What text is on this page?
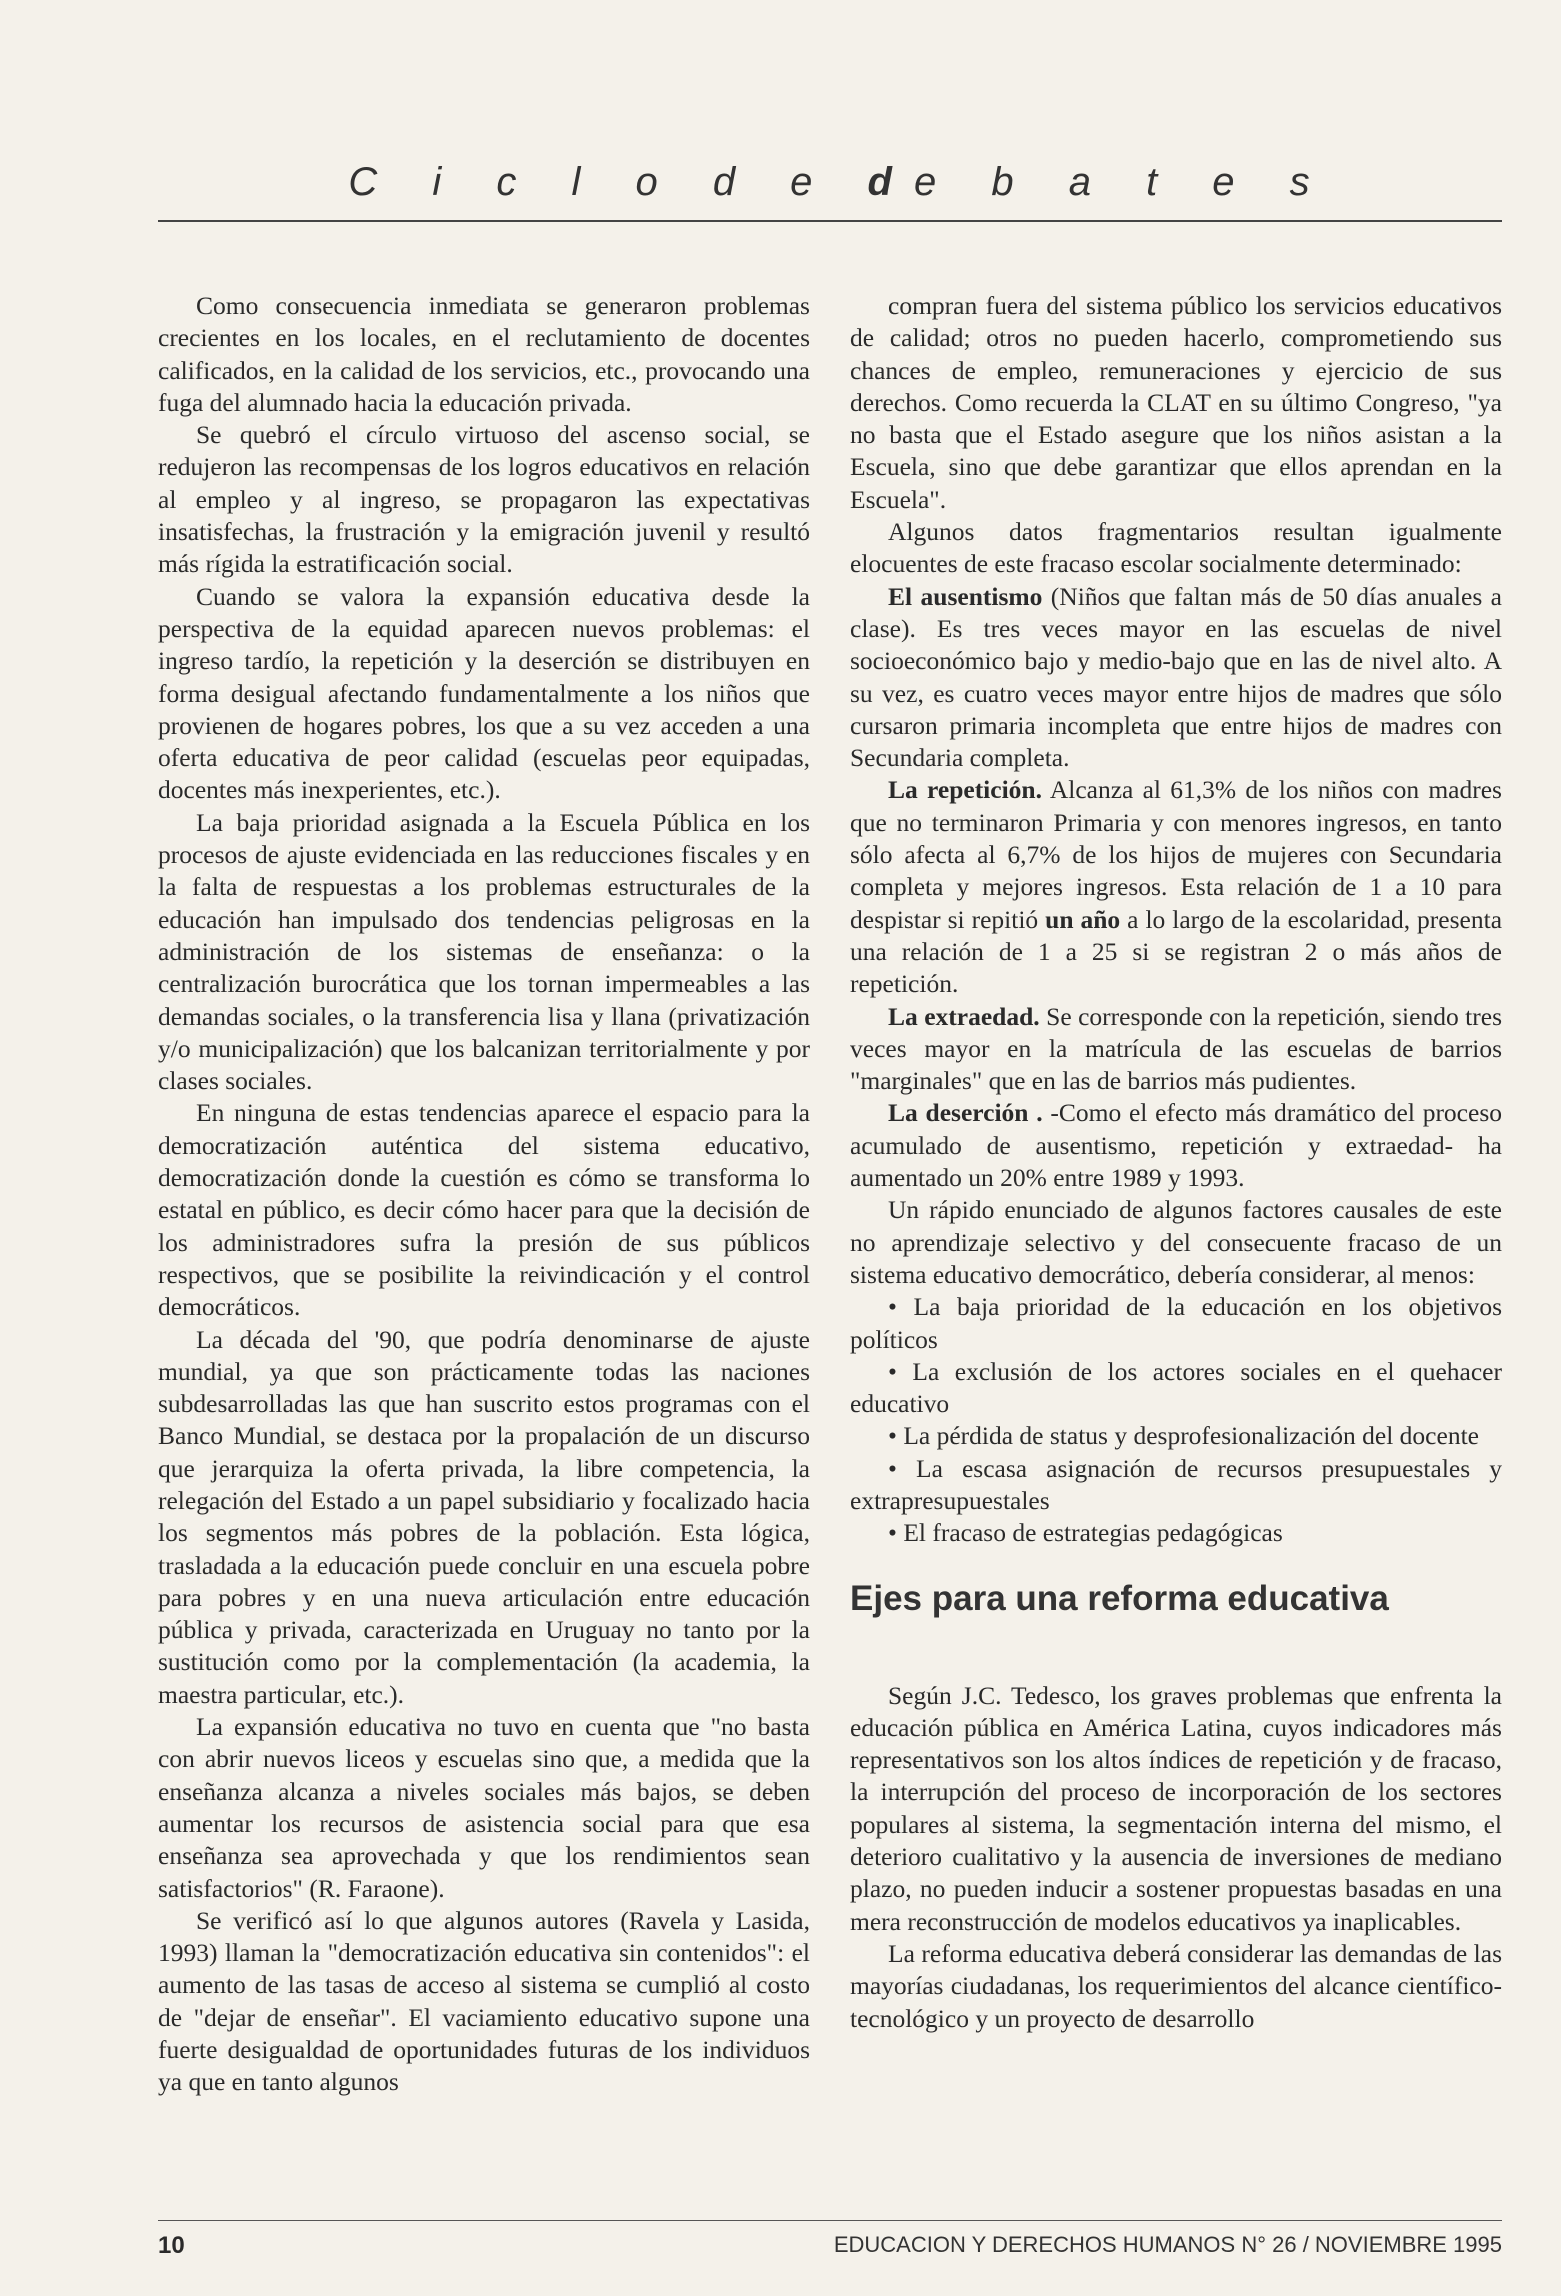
C i c l o d e de b a t e s

Como consecuencia inmediata se generaron problemas crecientes en los locales, en el reclutamiento de docentes calificados, en la calidad de los servicios, etc., provocando una fuga del alumnado hacia la educación privada.

Se quebró el círculo virtuoso del ascenso social, se redujeron las recompensas de los logros educativos en relación al empleo y al ingreso, se propagaron las expectativas insatisfechas, la frustración y la emigración juvenil y resultó más rígida la estratificación social.

Cuando se valora la expansión educativa desde la perspectiva de la equidad aparecen nuevos problemas: el ingreso tardío, la repetición y la deserción se distribuyen en forma desigual afectando fundamentalmente a los niños que provienen de hogares pobres, los que a su vez acceden a una oferta educativa de peor calidad (escuelas peor equipadas, docentes más inexperientes, etc.).

La baja prioridad asignada a la Escuela Pública en los procesos de ajuste evidenciada en las reducciones fiscales y en la falta de respuestas a los problemas estructurales de la educación han impulsado dos tendencias peligrosas en la administración de los sistemas de enseñanza: o la centralización burocrática que los tornan impermeables a las demandas sociales, o la transferencia lisa y llana (privatización y/o municipalización) que los balcanizan territorialmente y por clases sociales.

En ninguna de estas tendencias aparece el espacio para la democratización auténtica del sistema educativo, democratización donde la cuestión es cómo se transforma lo estatal en público, es decir cómo hacer para que la decisión de los administradores sufra la presión de sus públicos respectivos, que se posibilite la reivindicación y el control democráticos.

La década del '90, que podría denominarse de ajuste mundial, ya que son prácticamente todas las naciones subdesarrolladas las que han suscrito estos programas con el Banco Mundial, se destaca por la propalación de un discurso que jerarquiza la oferta privada, la libre competencia, la relegación del Estado a un papel subsidiario y focalizado hacia los segmentos más pobres de la población. Esta lógica, trasladada a la educación puede concluir en una escuela pobre para pobres y en una nueva articulación entre educación pública y privada, caracterizada en Uruguay no tanto por la sustitución como por la complementación (la academia, la maestra particular, etc.).

La expansión educativa no tuvo en cuenta que "no basta con abrir nuevos liceos y escuelas sino que, a medida que la enseñanza alcanza a niveles sociales más bajos, se deben aumentar los recursos de asistencia social para que esa enseñanza sea aprovechada y que los rendimientos sean satisfactorios" (R. Faraone).

Se verificó así lo que algunos autores (Ravela y Lasida, 1993) llaman la "democratización educativa sin contenidos": el aumento de las tasas de acceso al sistema se cumplió al costo de "dejar de enseñar". El vaciamiento educativo supone una fuerte desigualdad de oportunidades futuras de los individuos ya que en tanto algunos

compran fuera del sistema público los servicios educativos de calidad; otros no pueden hacerlo, comprometiendo sus chances de empleo, remuneraciones y ejercicio de sus derechos. Como recuerda la CLAT en su último Congreso, "ya no basta que el Estado asegure que los niños asistan a la Escuela, sino que debe garantizar que ellos aprendan en la Escuela".

Algunos datos fragmentarios resultan igualmente elocuentes de este fracaso escolar socialmente determinado:

El ausentismo (Niños que faltan más de 50 días anuales a clase). Es tres veces mayor en las escuelas de nivel socioeconómico bajo y medio-bajo que en las de nivel alto. A su vez, es cuatro veces mayor entre hijos de madres que sólo cursaron primaria incompleta que entre hijos de madres con Secundaria completa.

La repetición. Alcanza al 61,3% de los niños con madres que no terminaron Primaria y con menores ingresos, en tanto sólo afecta al 6,7% de los hijos de mujeres con Secundaria completa y mejores ingresos. Esta relación de 1 a 10 para despistar si repitió un año a lo largo de la escolaridad, presenta una relación de 1 a 25 si se registran 2 o más años de repetición.

La extraedad. Se corresponde con la repetición, siendo tres veces mayor en la matrícula de las escuelas de barrios "marginales" que en las de barrios más pudientes.

La deserción . -Como el efecto más dramático del proceso acumulado de ausentismo, repetición y extraedad- ha aumentado un 20% entre 1989 y 1993.

Un rápido enunciado de algunos factores causales de este no aprendizaje selectivo y del consecuente fracaso de un sistema educativo democrático, debería considerar, al menos:

• La baja prioridad de la educación en los objetivos políticos
• La exclusión de los actores sociales en el quehacer educativo
• La pérdida de status y desprofesionalización del docente
• La escasa asignación de recursos presupuestales y extrapresupuestales
• El fracaso de estrategias pedagógicas
Ejes para una reforma educativa

Según J.C. Tedesco, los graves problemas que enfrenta la educación pública en América Latina, cuyos indicadores más representativos son los altos índices de repetición y de fracaso, la interrupción del proceso de incorporación de los sectores populares al sistema, la segmentación interna del mismo, el deterioro cualitativo y la ausencia de inversiones de mediano plazo, no pueden inducir a sostener propuestas basadas en una mera reconstrucción de modelos educativos ya inaplicables.

La reforma educativa deberá considerar las demandas de las mayorías ciudadanas, los requerimientos del alcance científico-tecnológico y un proyecto de desarrollo

10	EDUCACION Y DERECHOS HUMANOS N° 26 / NOVIEMBRE 1995
